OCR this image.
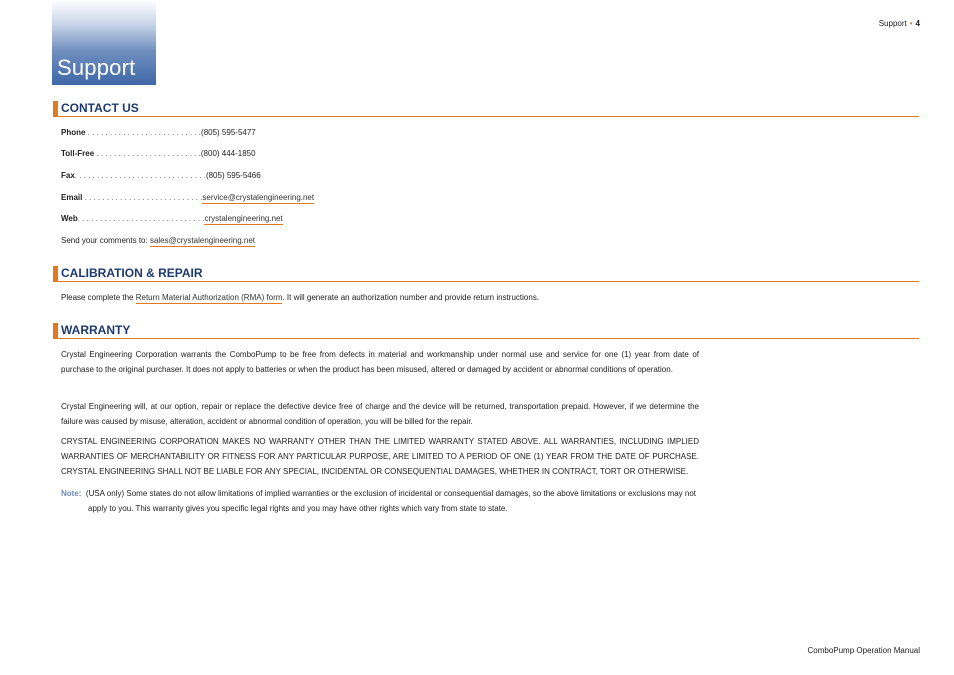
Support
Support • 4
CONTACT US
Phone . . . . . . . . . . . . . . . . . . . . . . . . . .(805) 595-5477
Toll-Free . . . . . . . . . . . . . . . . . . . . . . . .(800) 444-1850
Fax. . . . . . . . . . . . . . . . . . . . . . . . . . . . . .(805) 595-5466
Email . . . . . . . . . . . . . . . . . . . . . . . . . . .service@crystalengineering.net
Web. . . . . . . . . . . . . . . . . . . . . . . . . . . . .crystalengineering.net
Send your comments to: sales@crystalengineering.net
CALIBRATION & REPAIR
Please complete the Return Material Authorization (RMA) form. It will generate an authorization number and provide return instructions.
WARRANTY
Crystal Engineering Corporation warrants the ComboPump to be free from defects in material and workmanship under normal use and service for one (1) year from date of purchase to the original purchaser. It does not apply to batteries or when the product has been misused, altered or damaged by accident or abnormal conditions of operation.
Crystal Engineering will, at our option, repair or replace the defective device free of charge and the device will be returned, transportation prepaid. However, if we determine the failure was caused by misuse, alteration, accident or abnormal condition of operation, you will be billed for the repair.
CRYSTAL ENGINEERING CORPORATION MAKES NO WARRANTY OTHER THAN THE LIMITED WARRANTY STATED ABOVE. ALL WARRANTIES, INCLUDING IMPLIED WARRANTIES OF MERCHANTABILITY OR FITNESS FOR ANY PARTICULAR PURPOSE, ARE LIMITED TO A PERIOD OF ONE (1) YEAR FROM THE DATE OF PURCHASE. CRYSTAL ENGINEERING SHALL NOT BE LIABLE FOR ANY SPECIAL, INCIDENTAL OR CONSEQUENTIAL DAMAGES, WHETHER IN CONTRACT, TORT OR OTHERWISE.
Note: (USA only) Some states do not allow limitations of implied warranties or the exclusion of incidental or consequential damages, so the above limitations or exclusions may not apply to you. This warranty gives you specific legal rights and you may have other rights which vary from state to state.
ComboPump Operation Manual
